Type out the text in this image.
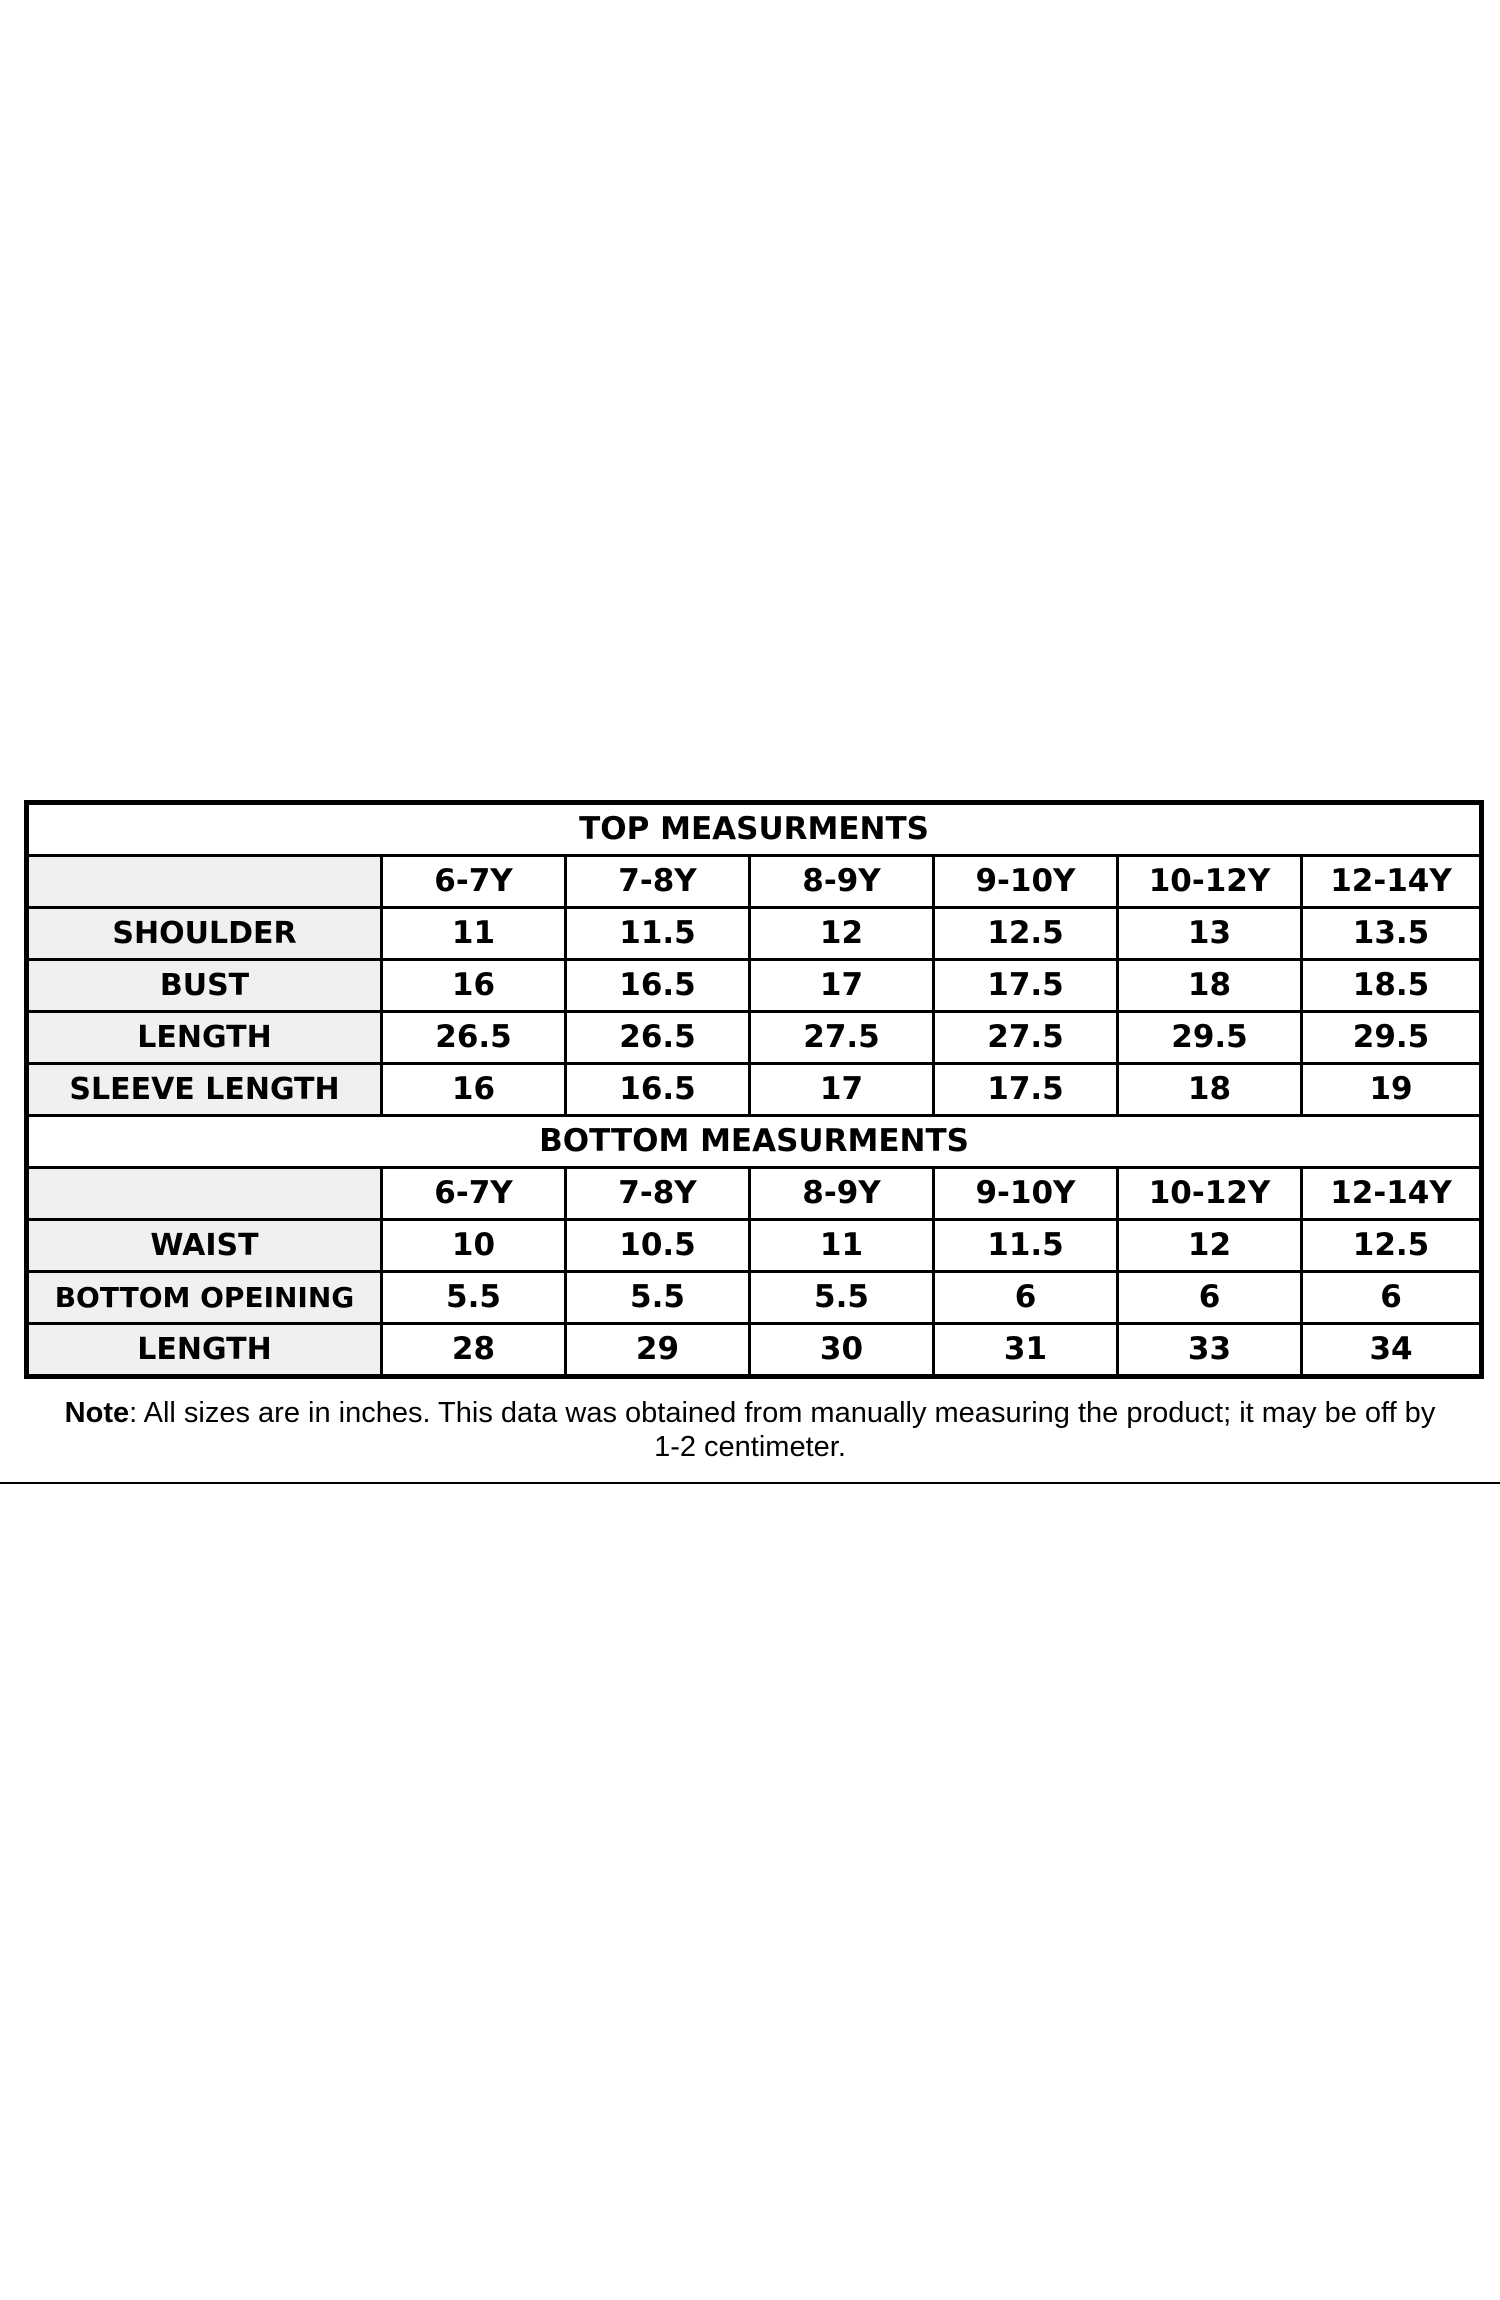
TOP MEASURMENTS						
	6-7Y	7-8Y	8-9Y	9-10Y	10-12Y	12-14Y
SHOULDER	11	11.5	12	12.5	13	13.5
BUST	16	16.5	17	17.5	18	18.5
LENGTH	26.5	26.5	27.5	27.5	29.5	29.5
SLEEVE LENGTH	16	16.5	17	17.5	18	19
BOTTOM MEASURMENTS						
	6-7Y	7-8Y	8-9Y	9-10Y	10-12Y	12-14Y
WAIST	10	10.5	11	11.5	12	12.5
BOTTOM OPEINING	5.5	5.5	5.5	6	6	6
LENGTH	28	29	30	31	33	34
Note: All sizes are in inches. This data was obtained from manually measuring the product; it may be off by 1-2 centimeter.
